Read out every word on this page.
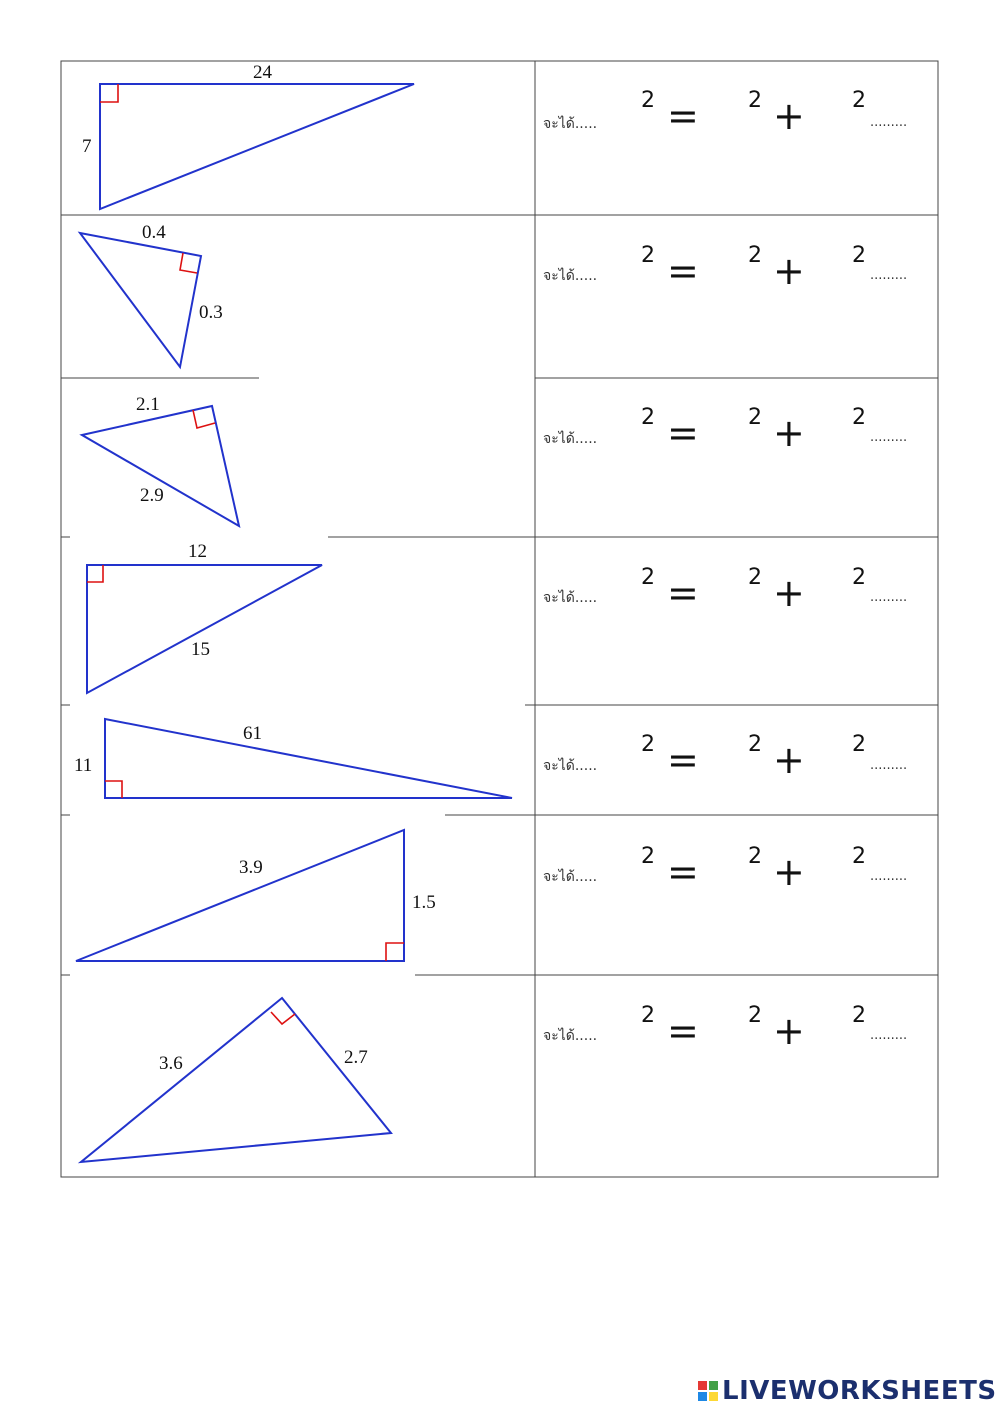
24
7
0.4
0.3
2.1
2.9
12
15
61
11
3.9
1.5
3.6	2.7
จะได้.....
2 = 2 + 2
.........
จะได้.....
2 = 2 + 2
.........
จะได้.....
2 = 2 + 2
.........
จะได้.....
2 = 2 + 2
.........
จะได้.....
2 = 2 + 2
.........
จะได้.....
2 = 2 + 2
.........
จะได้.....
2 = 2 + 2
.........
LIVEWORKSHEETS
